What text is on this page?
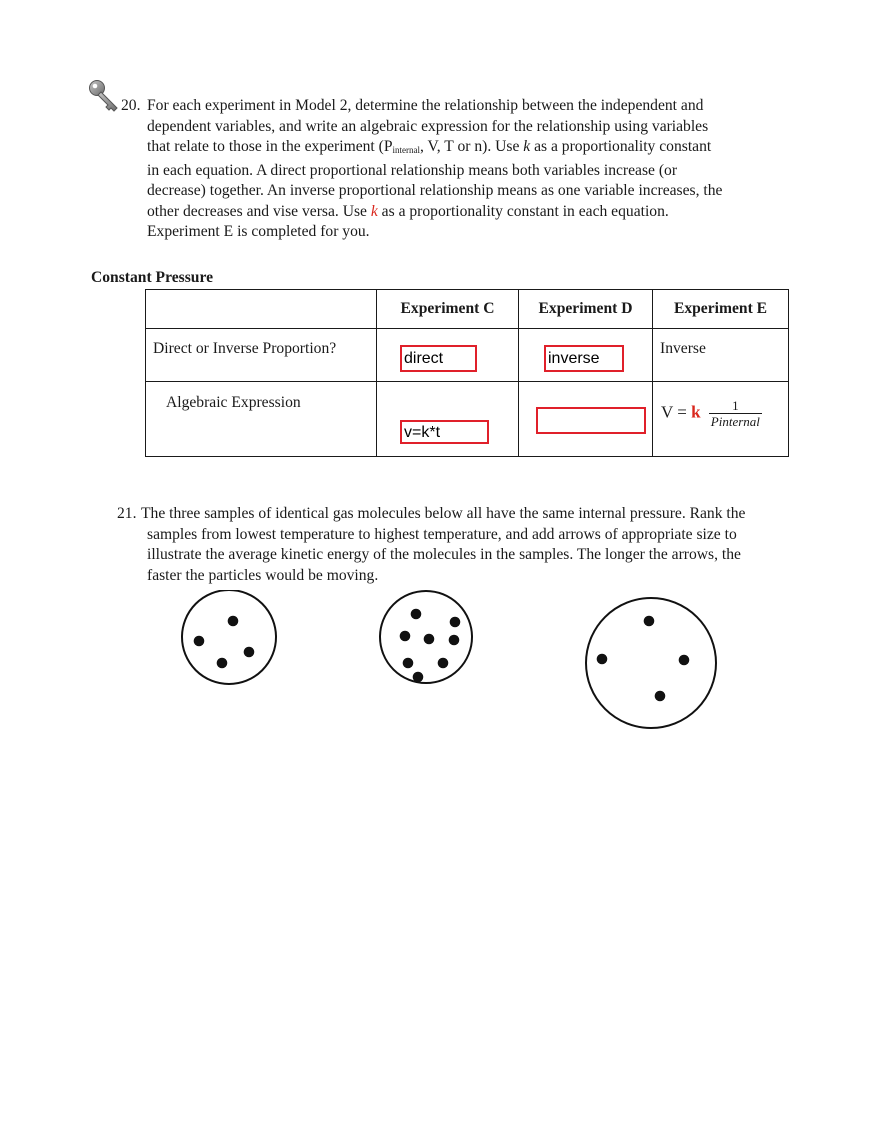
20. For each experiment in Model 2, determine the relationship between the independent and
dependent variables, and write an algebraic expression for the relationship using variables
that relate to those in the experiment ($P_{internal}$, V, T or n). Use k as a proportionality constant
in each equation. A direct proportional relationship means both variables increase (or
decrease) together. An inverse proportional relationship means as one variable increases, the
other decreases and vise versa. Use k as a proportionality constant in each equation.
Experiment E is completed for you.
Constant Pressure
	Experiment C	Experiment D	Experiment E

Direct or Inverse Proportion?	direct	inverse	Inverse

Algebraic Expression	v=k*t		V = k $\frac{1}{\text{Pinternal}}$
21. The three samples of identical gas molecules below all have the same internal pressure. Rank the
samples from lowest temperature to highest temperature, and add arrows of appropriate size to
illustrate the average kinetic energy of the molecules in the samples. The longer the arrows, the
faster the particles would be moving.
